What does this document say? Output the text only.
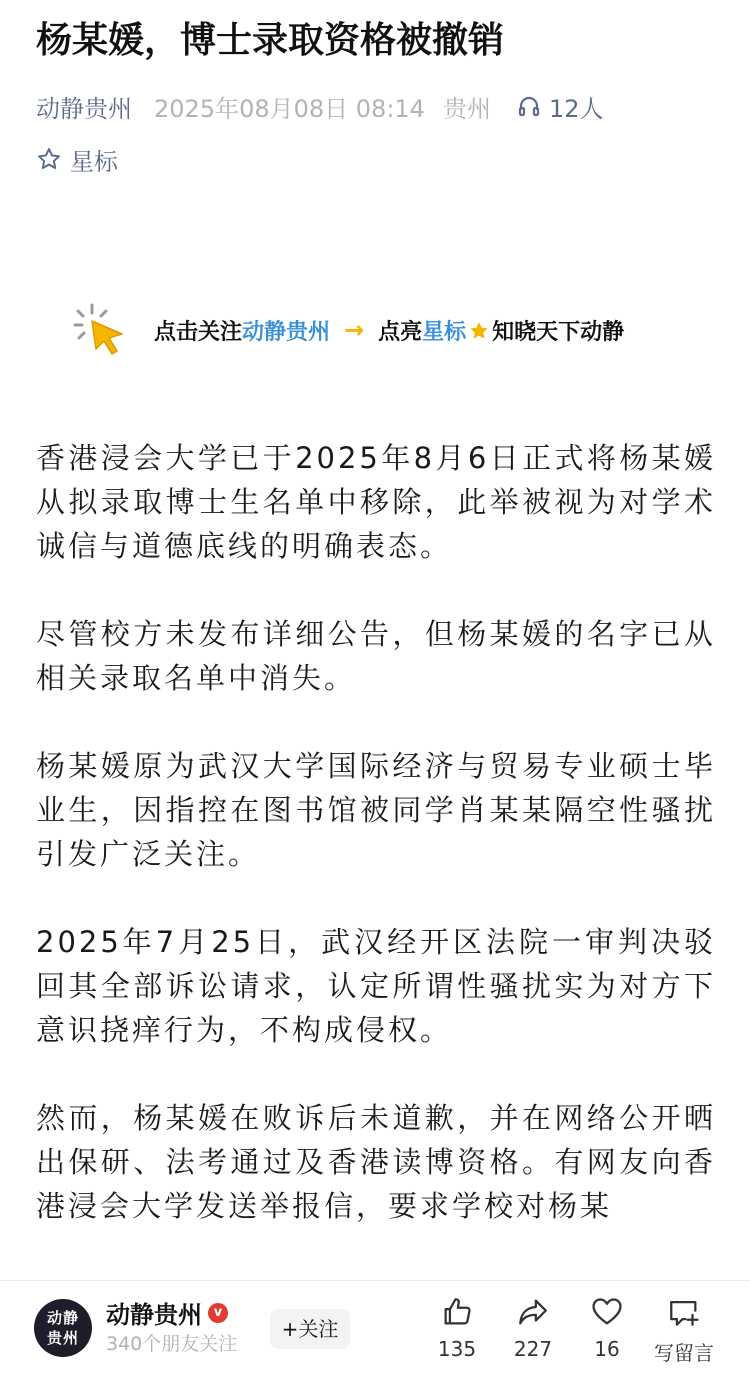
杨某媛，博士录取资格被撤销
动静贵州 2025年08月08日 08:14 贵州 12人
星标
点击关注 动静贵州 → 点亮 星标 知晓天下动静

香港浸会大学已于2025年8月6日正式将杨某媛从拟录取博士生名单中移除，此举被视为对学术诚信与道德底线的明确表态。

尽管校方未发布详细公告，但杨某媛的名字已从相关录取名单中消失。

杨某媛原为武汉大学国际经济与贸易专业硕士毕业生，因指控在图书馆被同学肖某某隔空性骚扰引发广泛关注。

2025年7月25日，武汉经开区法院一审判决驳回其全部诉讼请求，认定所谓性骚扰实为对方下意识挠痒行为，不构成侵权。

然而，杨某媛在败诉后未道歉，并在网络公开晒出保研、法考通过及香港读博资格。有网友向香港浸会大学发送举报信，要求学校对杨某

动静
贵州
动静贵州 v
340个朋友关注
+关注
135	227	16	写留言
